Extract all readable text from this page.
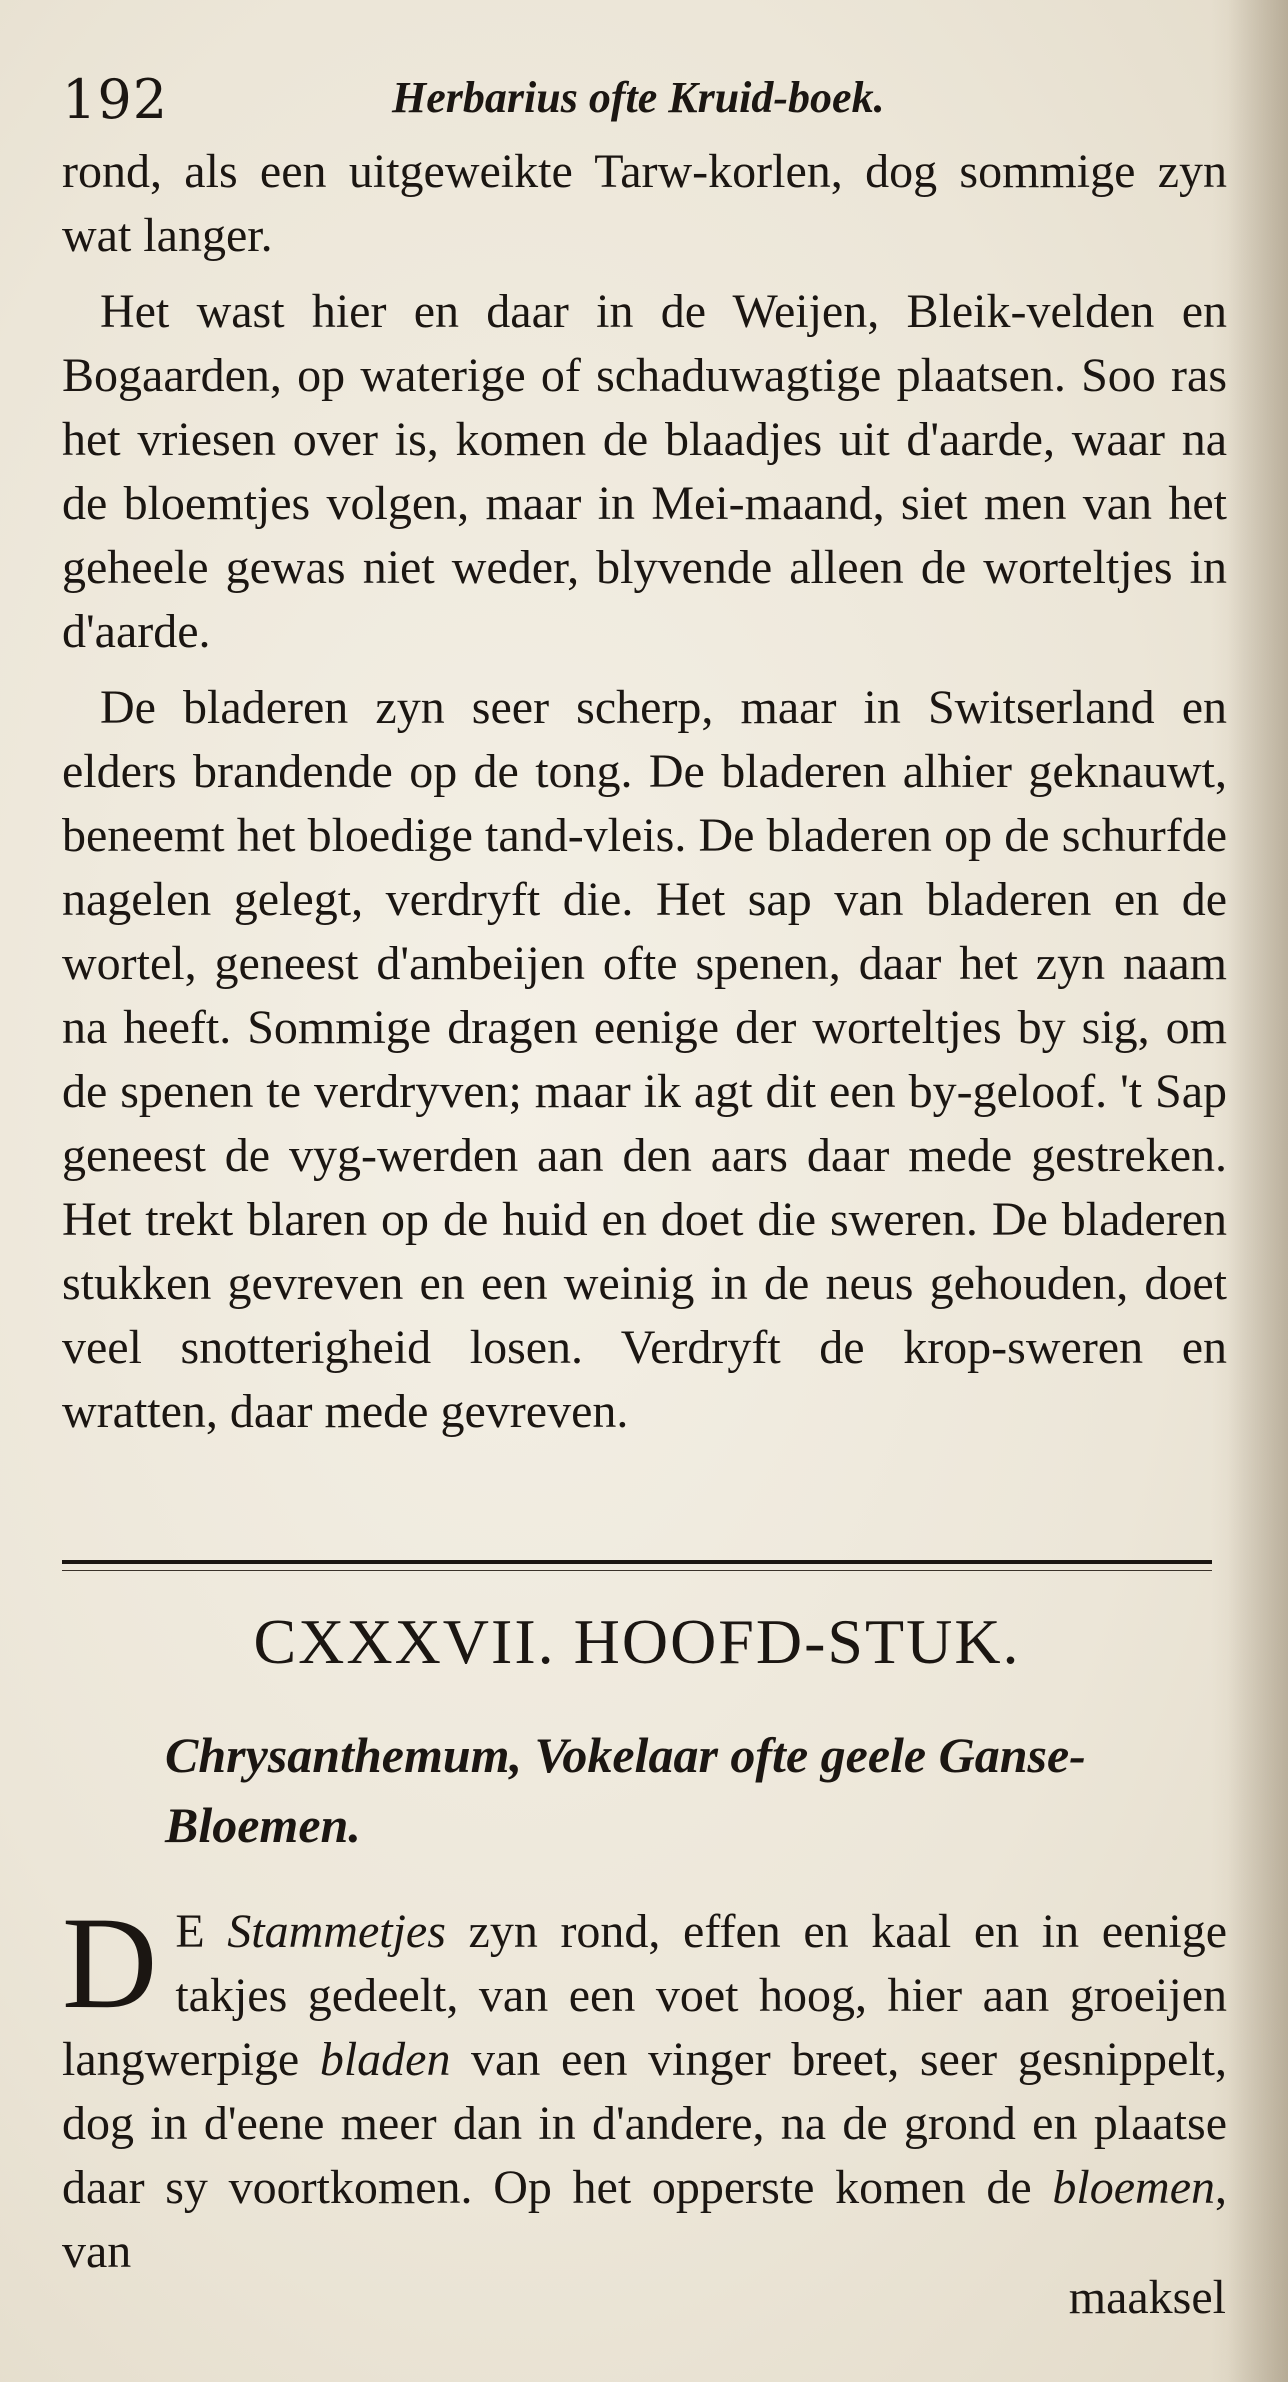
192	Herbarius ofte Kruid-boek.

rond, als een uitgeweikte Tarw-korlen, dog sommige zyn wat langer.

Het wast hier en daar in de Weijen, Bleik-velden en Bogaarden, op waterige of schaduwagtige plaatsen. Soo ras het vriesen over is, komen de blaadjes uit d'aarde, waar na de bloemtjes volgen, maar in Mei-maand, siet men van het geheele gewas niet weder, blyvende alleen de worteltjes in d'aarde.

De bladeren zyn seer scherp, maar in Switserland en elders brandende op de tong. De bladeren alhier geknauwt, beneemt het bloedige tand-vleis. De bladeren op de schurfde nagelen gelegt, verdryft die. Het sap van bladeren en de wortel, geneest d'ambeijen ofte spenen, daar het zyn naam na heeft. Sommige dragen eenige der worteltjes by sig, om de spenen te verdryven; maar ik agt dit een by-geloof. 't Sap geneest de vyg-werden aan den aars daar mede gestreken. Het trekt blaren op de huid en doet die sweren. De bladeren stukken gevreven en een weinig in de neus gehouden, doet veel snotterigheid losen. Verdryft de krop-sweren en wratten, daar mede gevreven.

CXXXVII. HOOFD-STUK.
Chrysanthemum, Vokelaar ofte geele Ganse-Bloemen.
D E Stammetjes zyn rond, effen en kaal en in eenige takjes gedeelt, van een voet hoog, hier aan groeijen langwerpige bladen van een vinger breet, seer gesnippelt, dog in d'eene meer dan in d'andere, na de grond en plaatse daar sy voortkomen. Op het opperste komen de bloemen, van

maaksel
